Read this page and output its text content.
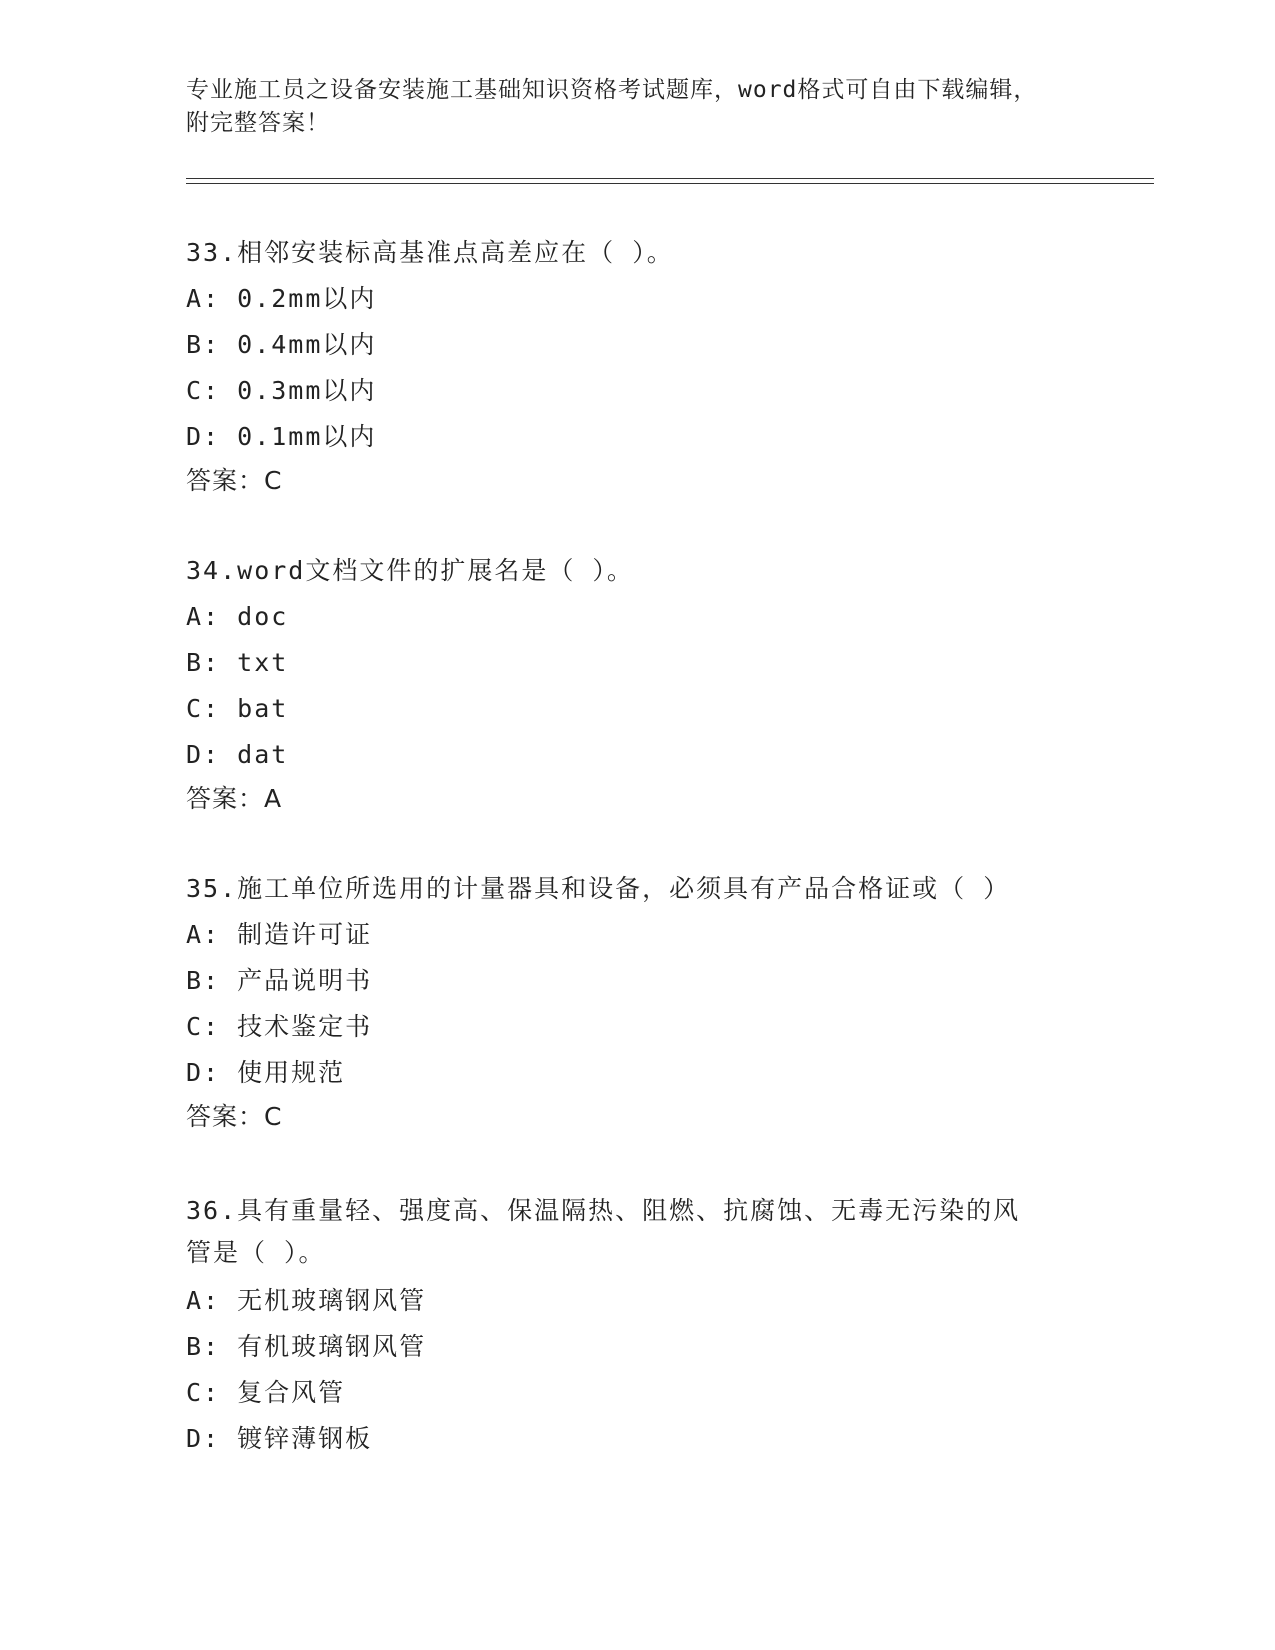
专业施工员之设备安装施工基础知识资格考试题库，word格式可自由下载编辑，
附完整答案！

33.相邻安装标高基准点高差应在（ ）。

A: 0.2mm以内

B: 0.4mm以内

C: 0.3mm以内

D: 0.1mm以内

答案：C

34.word文档文件的扩展名是（ ）。

A: doc

B: txt

C: bat

D: dat

答案：A

35.施工单位所选用的计量器具和设备，必须具有产品合格证或（ ）

A: 制造许可证

B: 产品说明书

C: 技术鉴定书

D: 使用规范

答案：C
36.具有重量轻、强度高、保温隔热、阻燃、抗腐蚀、无毒无污染的风
管是（ ）。

A: 无机玻璃钢风管

B: 有机玻璃钢风管

C: 复合风管

D: 镀锌薄钢板
